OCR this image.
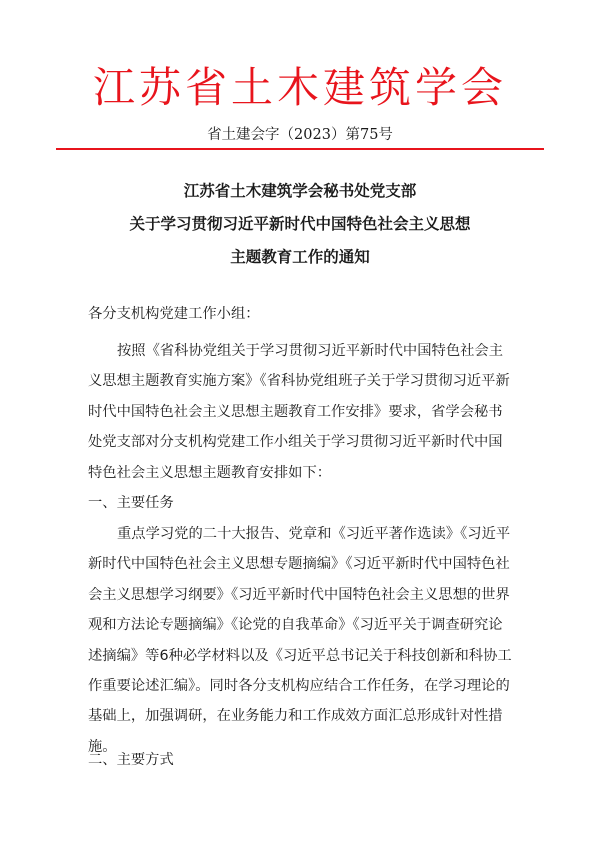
江苏省土木建筑学会
省土建会字（2023）第75号
江苏省土木建筑学会秘书处党支部
关于学习贯彻习近平新时代中国特色社会主义思想
主题教育工作的通知
各分支机构党建工作小组：
按照《省科协党组关于学习贯彻习近平新时代中国特色社会主义思想主题教育实施方案》《省科协党组班子关于学习贯彻习近平新时代中国特色社会主义思想主题教育工作安排》要求，省学会秘书处党支部对分支机构党建工作小组关于学习贯彻习近平新时代中国特色社会主义思想主题教育安排如下：
一、主要任务
重点学习党的二十大报告、党章和《习近平著作选读》《习近平新时代中国特色社会主义思想专题摘编》《习近平新时代中国特色社会主义思想学习纲要》《习近平新时代中国特色社会主义思想的世界观和方法论专题摘编》《论党的自我革命》《习近平关于调查研究论述摘编》等6种必学材料以及《习近平总书记关于科技创新和科协工作重要论述汇编》。同时各分支机构应结合工作任务，在学习理论的基础上，加强调研，在业务能力和工作成效方面汇总形成针对性措施。
二、主要方式
